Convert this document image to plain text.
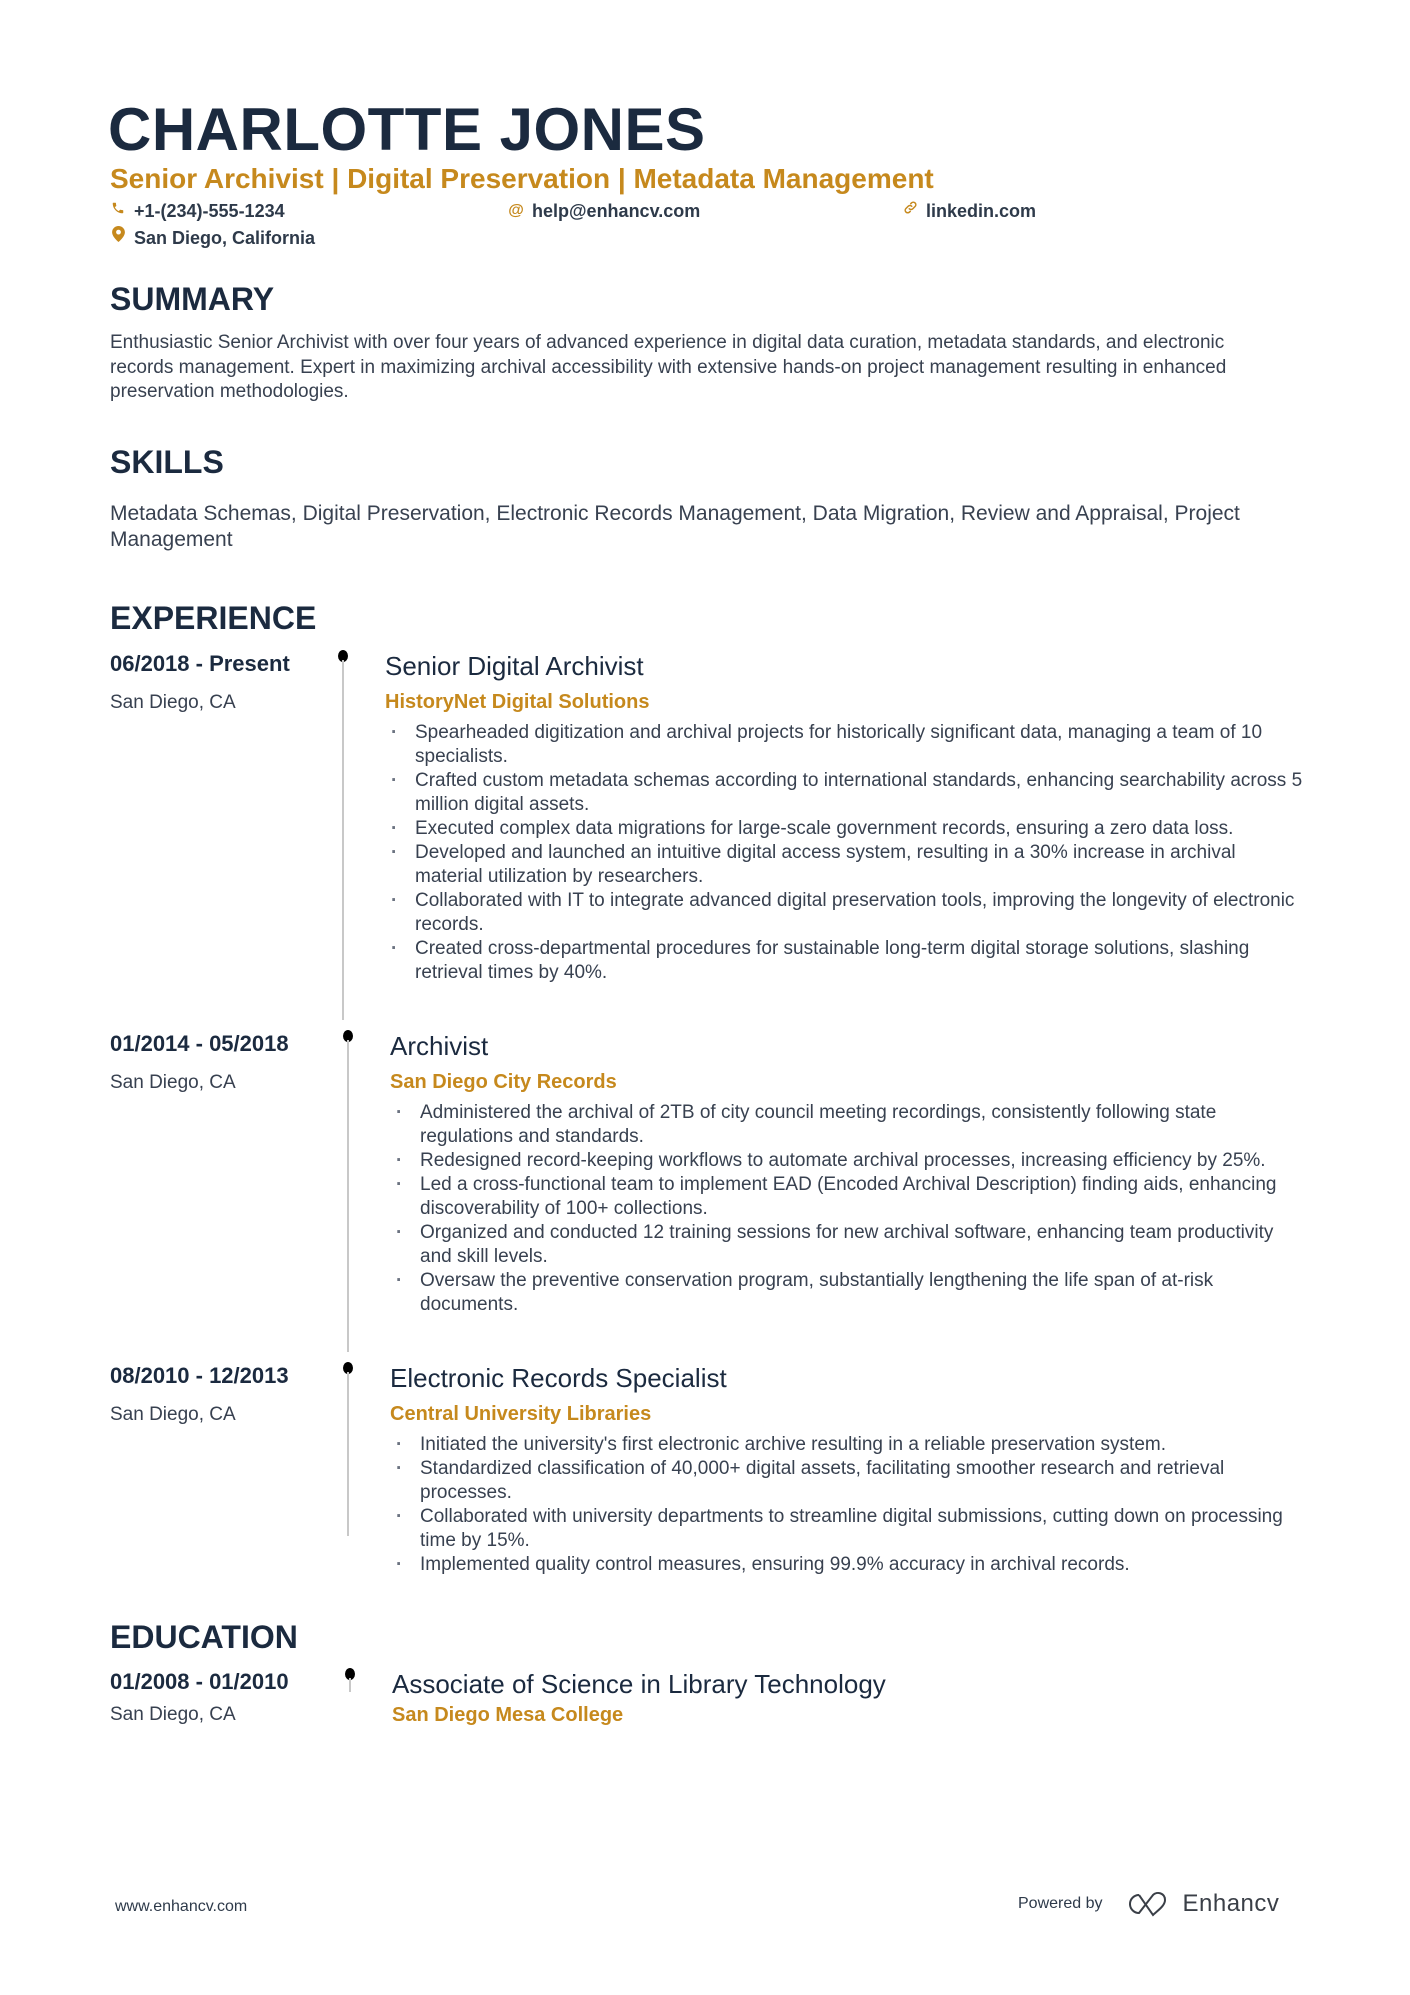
CHARLOTTE JONES
Senior Archivist | Digital Preservation | Metadata Management
+1-(234)-555-1234	@ help@enhancv.com	linkedin.com
San Diego, California
SUMMARY
Enthusiastic Senior Archivist with over four years of advanced experience in digital data curation, metadata standards, and electronic records management. Expert in maximizing archival accessibility with extensive hands-on project management resulting in enhanced preservation methodologies.
SKILLS
Metadata Schemas, Digital Preservation, Electronic Records Management, Data Migration, Review and Appraisal, Project Management
EXPERIENCE
06/2018 - Present
San Diego, CA
Senior Digital Archivist
HistoryNet Digital Solutions
· Spearheaded digitization and archival projects for historically significant data, managing a team of 10 specialists.
· Crafted custom metadata schemas according to international standards, enhancing searchability across 5 million digital assets.
· Executed complex data migrations for large-scale government records, ensuring a zero data loss.
· Developed and launched an intuitive digital access system, resulting in a 30% increase in archival material utilization by researchers.
· Collaborated with IT to integrate advanced digital preservation tools, improving the longevity of electronic records.
· Created cross-departmental procedures for sustainable long-term digital storage solutions, slashing retrieval times by 40%.
01/2014 - 05/2018
San Diego, CA
Archivist
San Diego City Records
· Administered the archival of 2TB of city council meeting recordings, consistently following state regulations and standards.
· Redesigned record-keeping workflows to automate archival processes, increasing efficiency by 25%.
· Led a cross-functional team to implement EAD (Encoded Archival Description) finding aids, enhancing discoverability of 100+ collections.
· Organized and conducted 12 training sessions for new archival software, enhancing team productivity and skill levels.
· Oversaw the preventive conservation program, substantially lengthening the life span of at-risk documents.
08/2010 - 12/2013
San Diego, CA
Electronic Records Specialist
Central University Libraries
· Initiated the university's first electronic archive resulting in a reliable preservation system.
· Standardized classification of 40,000+ digital assets, facilitating smoother research and retrieval processes.
· Collaborated with university departments to streamline digital submissions, cutting down on processing time by 15%.
· Implemented quality control measures, ensuring 99.9% accuracy in archival records.
EDUCATION
01/2008 - 01/2010
San Diego, CA
Associate of Science in Library Technology
San Diego Mesa College
www.enhancv.com	Powered by	Enhancv
